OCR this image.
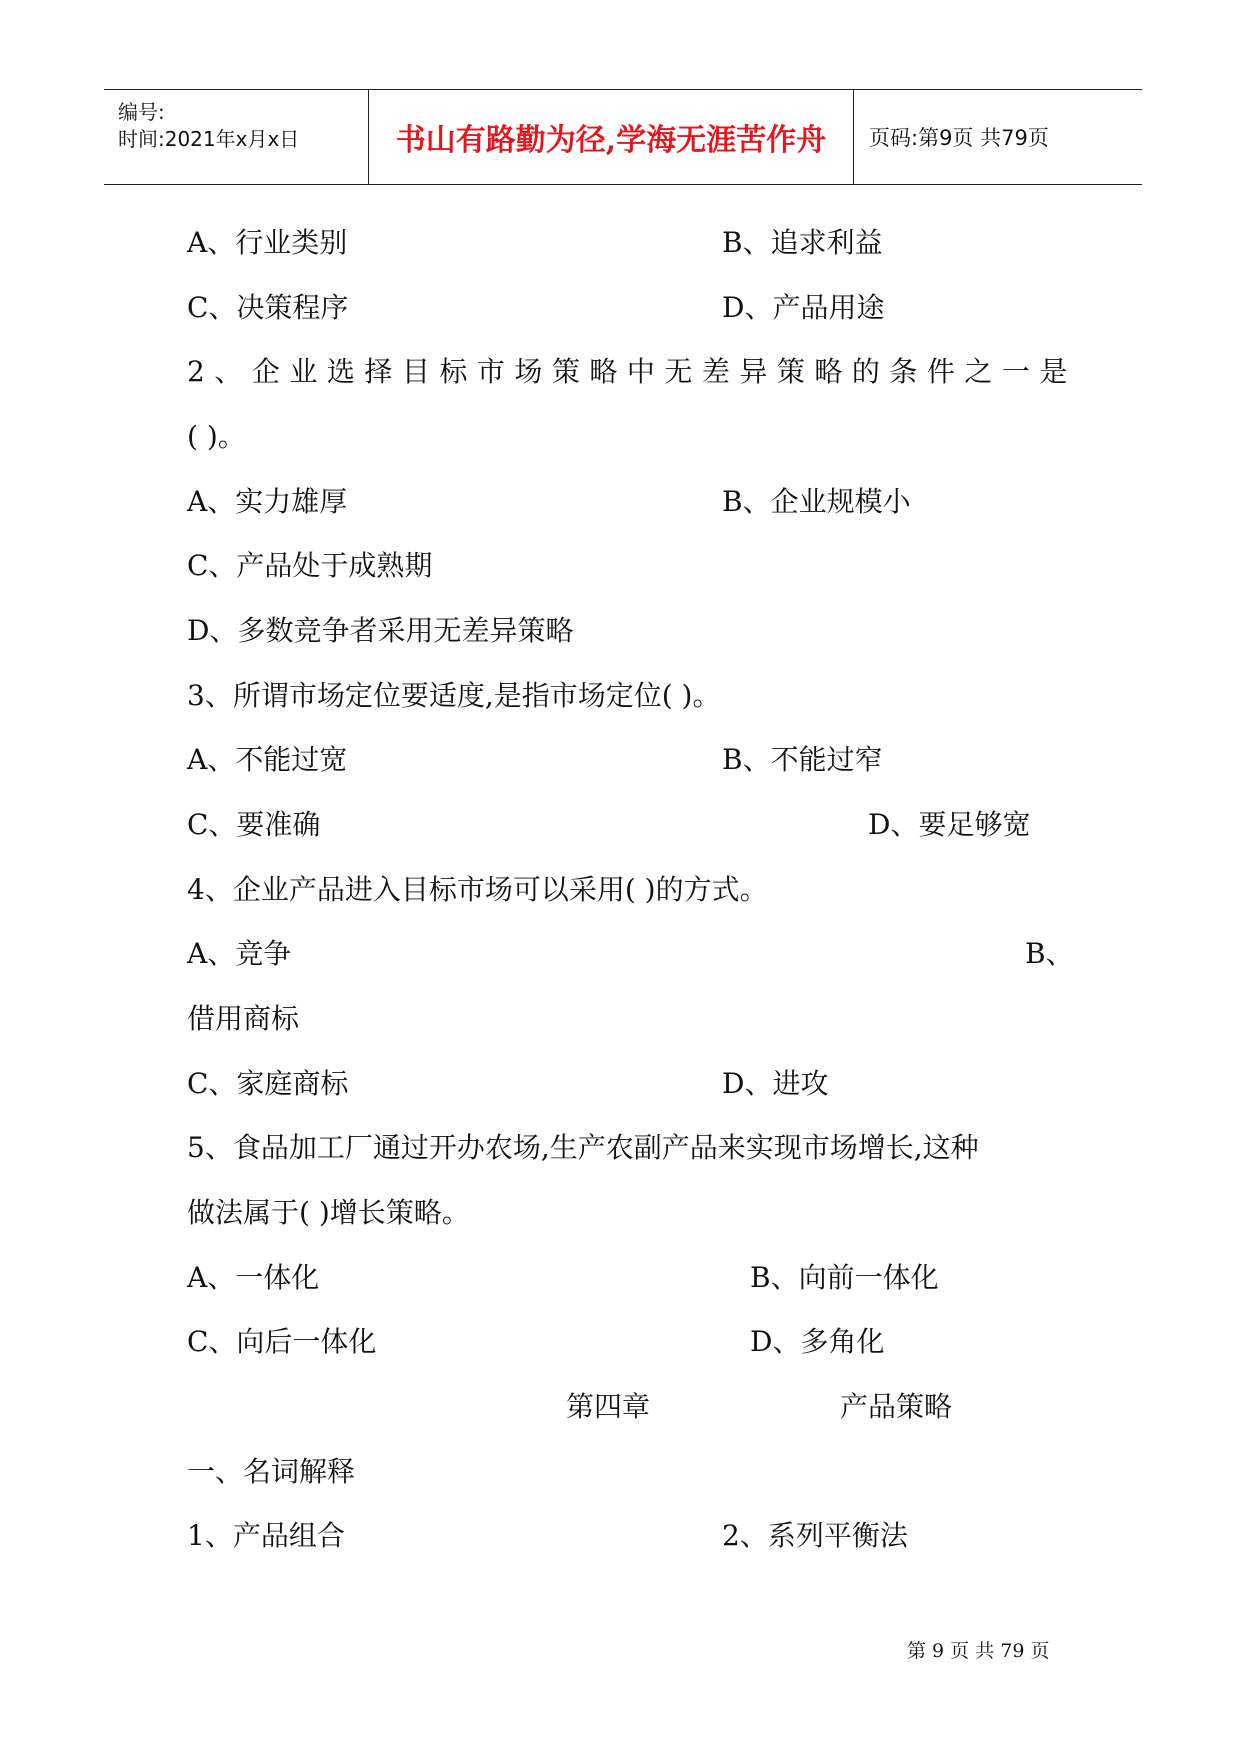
编号:
时间:2021年x月x日	书山有路勤为径,学海无涯苦作舟 页码:第9页 共79页
A、行业类别	B、追求利益
C、决策程序	D、产品用途
2、企业选择目标市场策略中无差异策略的条件之一是
( )。
A、实力雄厚	B、企业规模小
C、产品处于成熟期
D、多数竞争者采用无差异策略
3、所谓市场定位要适度,是指市场定位( )。
A、不能过宽	B、不能过窄
C、要准确	D、要足够宽
4、企业产品进入目标市场可以采用( )的方式。
A、竞争	B、
借用商标
C、家庭商标	D、进攻
5、食品加工厂通过开办农场,生产农副产品来实现市场增长,这种
做法属于( )增长策略。
A、一体化	B、向前一体化
C、向后一体化	D、多角化
第四章	产品策略
一、名词解释
1、产品组合	2、系列平衡法
第 9 页 共 79 页
